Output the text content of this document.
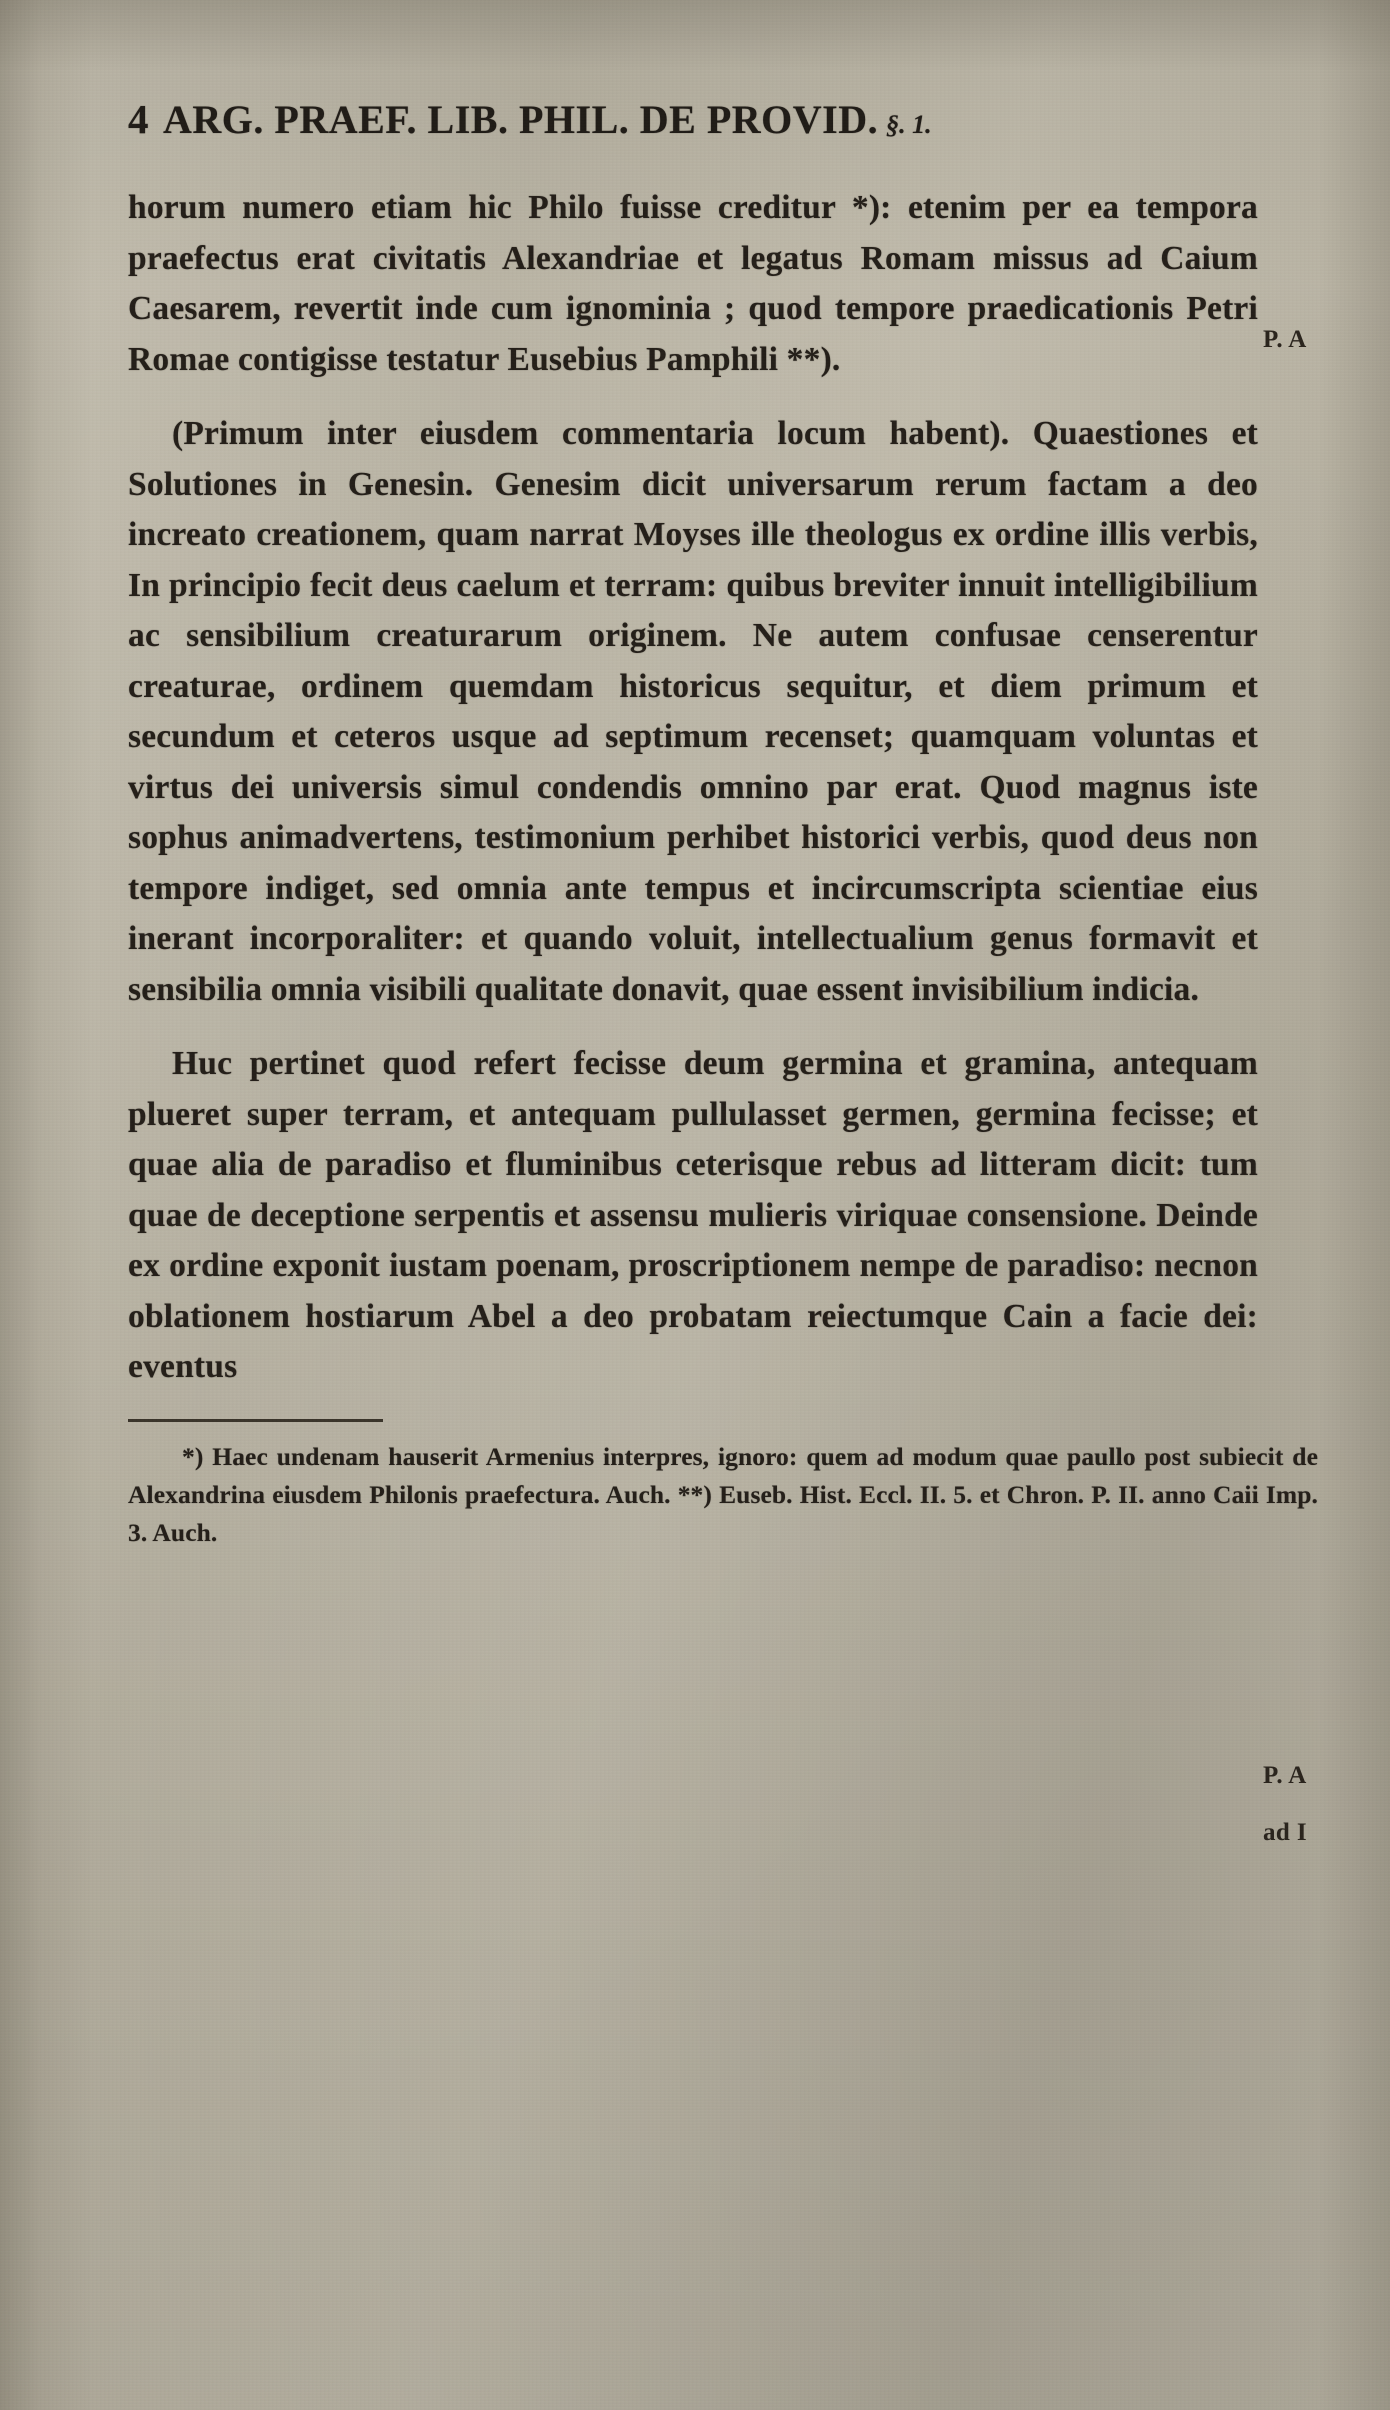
4 ARG. PRAEF. LIB. PHIL. DE PROVID. §. 1.
P. A
P. A
ad I

horum numero etiam hic Philo fuisse creditur *): etenim per ea tempora praefectus erat civitatis Alexandriae et legatus Romam missus ad Caium Caesarem, revertit inde cum ignominia ; quod tempore praedicationis Petri Romae contigisse testatur Eusebius Pamphili **).

(Primum inter eiusdem commentaria locum habent). Quaestiones et Solutiones in Genesin. Genesim dicit universarum rerum factam a deo increato creationem, quam narrat Moyses ille theologus ex ordine illis verbis, In principio fecit deus caelum et terram: quibus breviter innuit intelligibilium ac sensibilium creaturarum originem. Ne autem confusae censerentur creaturae, ordinem quemdam historicus sequitur, et diem primum et secundum et ceteros usque ad septimum recenset; quamquam voluntas et virtus dei universis simul condendis omnino par erat. Quod magnus iste sophus animadvertens, testimonium perhibet historici verbis, quod deus non tempore indiget, sed omnia ante tempus et incircumscripta scientiae eius inerant incorporaliter: et quando voluit, intellectualium genus formavit et sensibilia omnia visibili qualitate donavit, quae essent invisibilium indicia.

Huc pertinet quod refert fecisse deum germina et gramina, antequam plueret super terram, et antequam pullulasset germen, germina fecisse; et quae alia de paradiso et fluminibus ceterisque rebus ad litteram dicit: tum quae de deceptione serpentis et assensu mulieris viriquae consensione. Deinde ex ordine exponit iustam poenam, proscriptionem nempe de paradiso: necnon oblationem hostiarum Abel a deo probatam reiectumque Cain a facie dei: eventus

*) Haec undenam hauserit Armenius interpres, ignoro: quem ad modum quae paullo post subiecit de Alexandrina eiusdem Philonis praefectura. Auch. **) Euseb. Hist. Eccl. II. 5. et Chron. P. II. anno Caii Imp. 3. Auch.
